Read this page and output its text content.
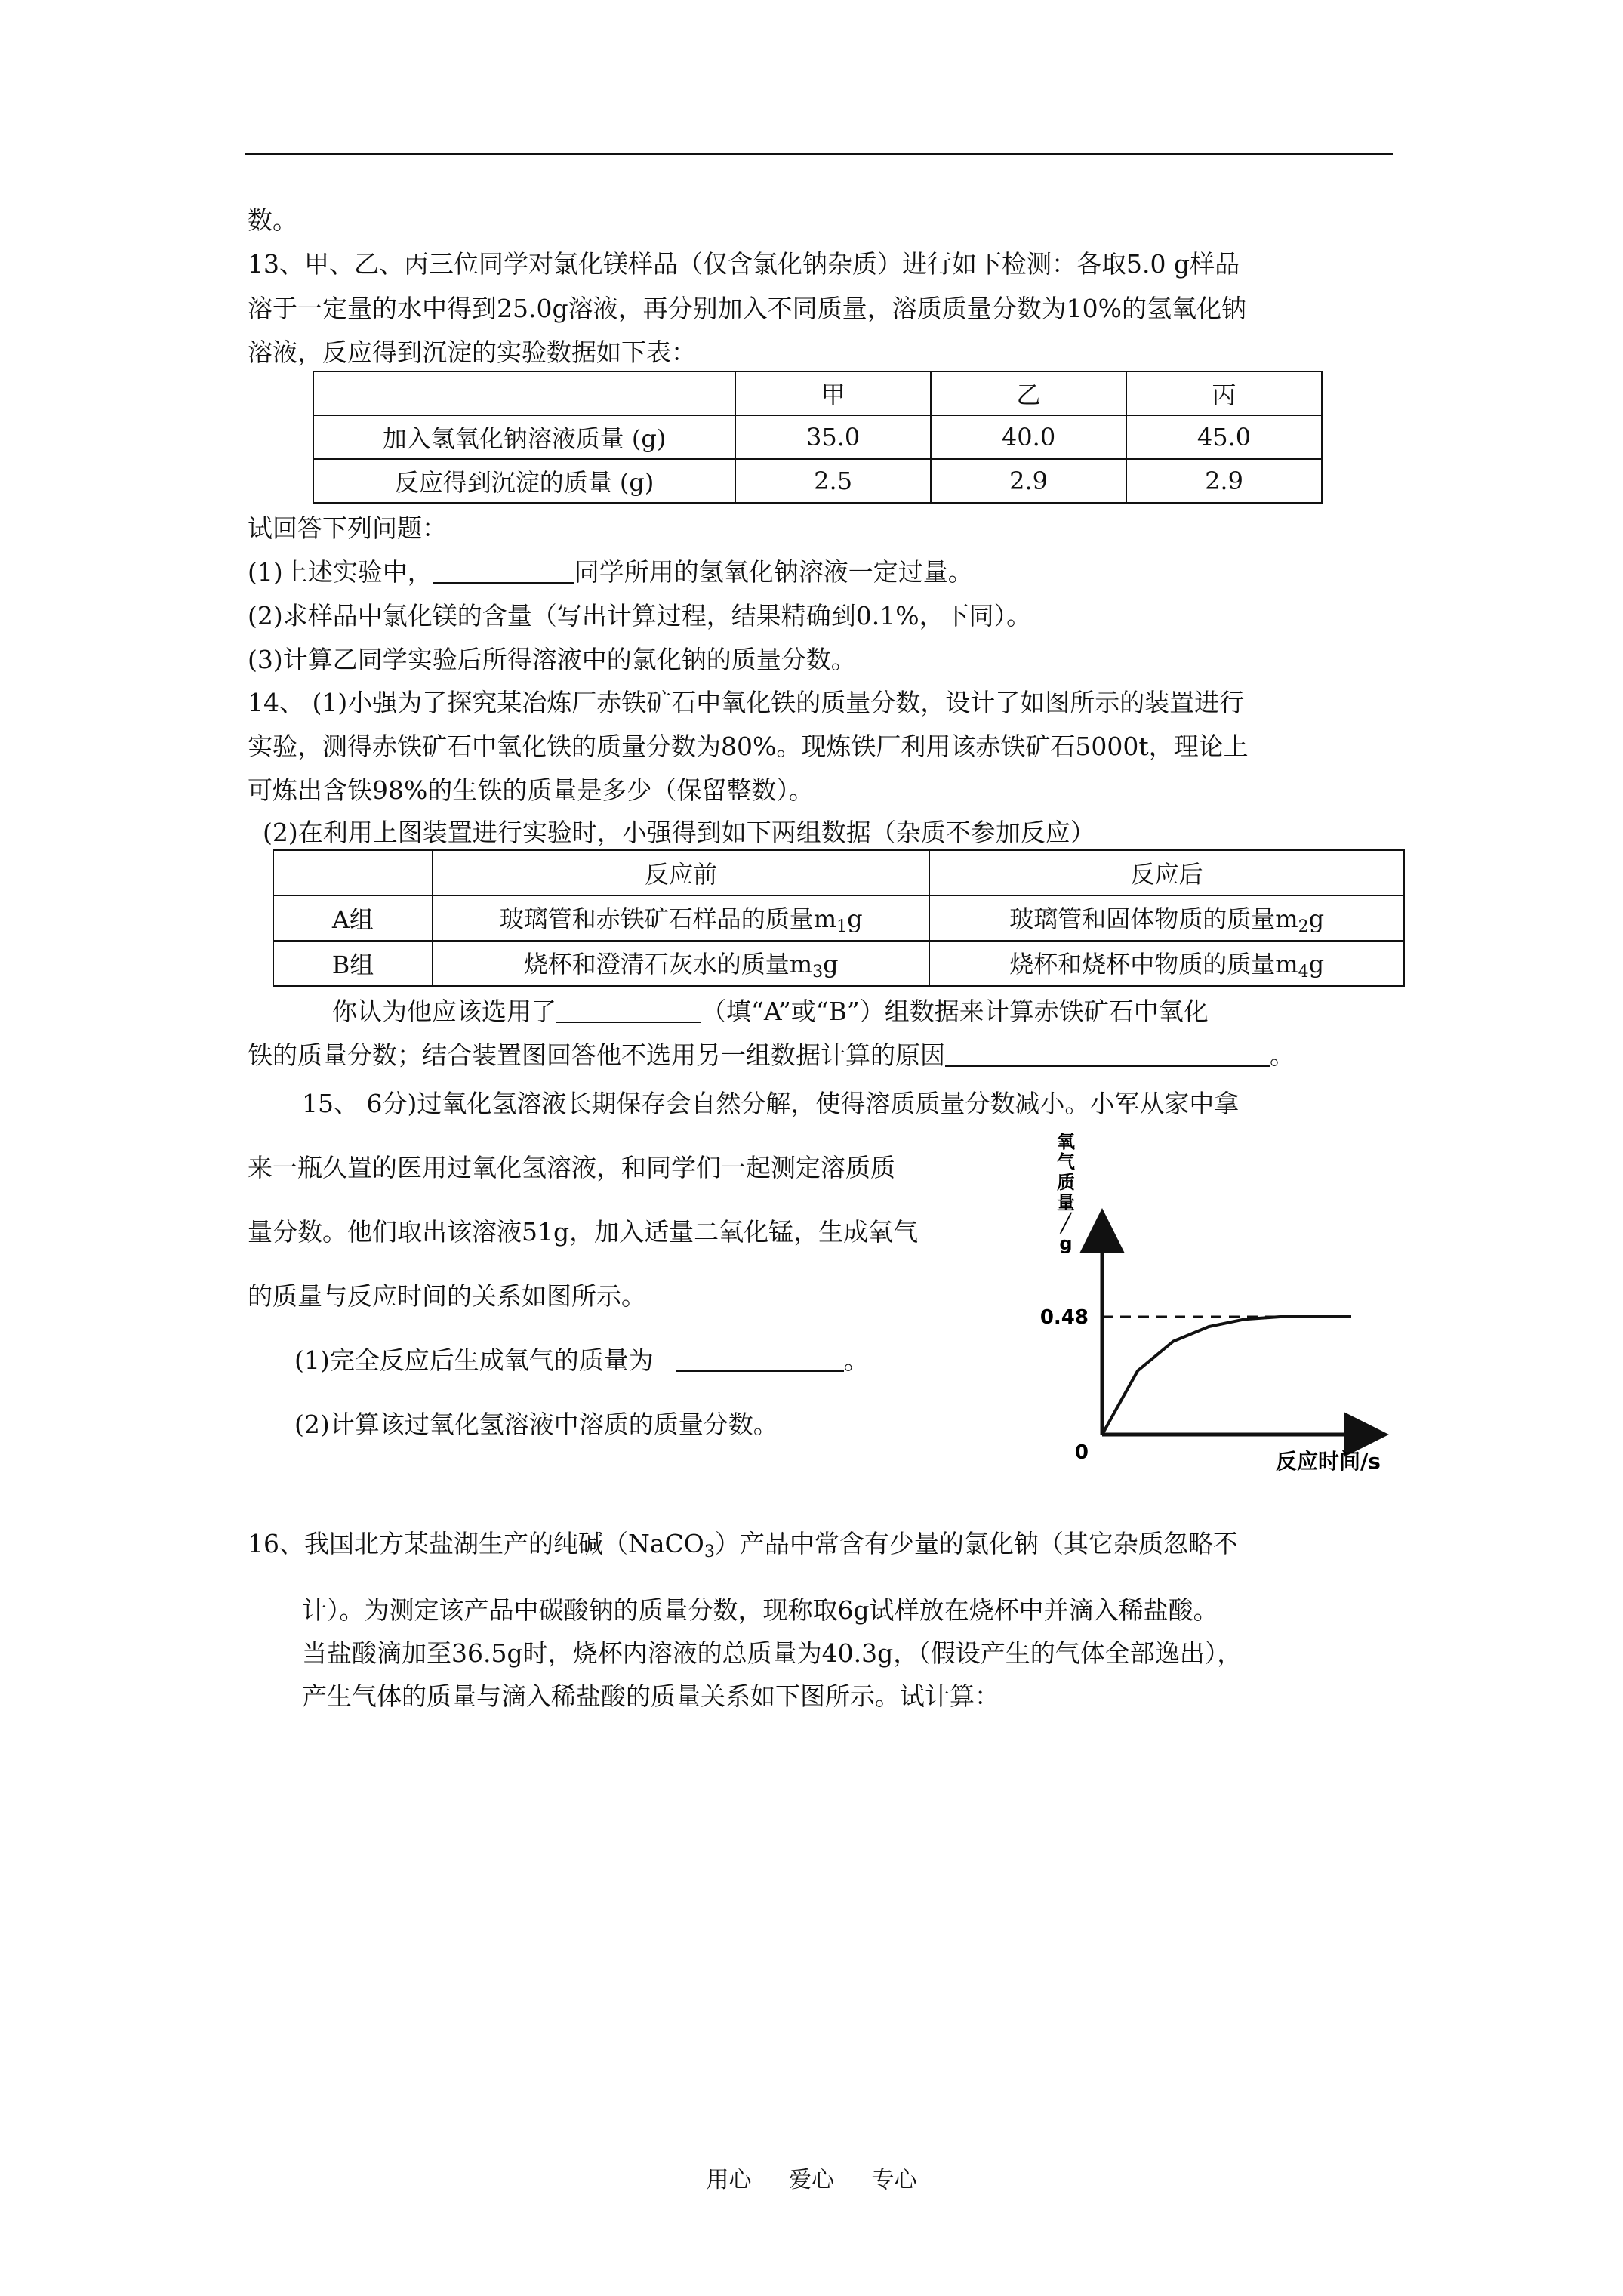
数。
13、甲、乙、丙三位同学对氯化镁样品（仅含氯化钠杂质）进行如下检测：各取5.0 g样品
溶于一定量的水中得到25.0g溶液，再分别加入不同质量，溶质质量分数为10%的氢氧化钠
溶液，反应得到沉淀的实验数据如下表：
	甲	乙	丙
加入氢氧化钠溶液质量 (g)	35.0	40.0	45.0
反应得到沉淀的质量 (g)	2.5	2.9	2.9
试回答下列问题：
(1)上述实验中，	同学所用的氢氧化钠溶液一定过量。
(2)求样品中氯化镁的含量（写出计算过程，结果精确到0.1%，下同）。
(3)计算乙同学实验后所得溶液中的氯化钠的质量分数。
14、 (1)小强为了探究某冶炼厂赤铁矿石中氧化铁的质量分数，设计了如图所示的装置进行
实验，测得赤铁矿石中氧化铁的质量分数为80%。现炼铁厂利用该赤铁矿石5000t，理论上
可炼出含铁98%的生铁的质量是多少（保留整数）。
(2)在利用上图装置进行实验时，小强得到如下两组数据（杂质不参加反应）
	反应前	反应后
A组	玻璃管和赤铁矿石样品的质量$m_1g$	玻璃管和固体物质的质量$m_2g$
B组	烧杯和澄清石灰水的质量$m_3g$	烧杯和烧杯中物质的质量$m_4g$
你认为他应该选用了	（填“A”或“B”）组数据来计算赤铁矿石中氧化
铁的质量分数；结合装置图回答他不选用另一组数据计算的原因	。
15、 6分)过氧化氢溶液长期保存会自然分解，使得溶质质量分数减小。小军从家中拿
来一瓶久置的医用过氧化氢溶液，和同学们一起测定溶质质
量分数。他们取出该溶液51g，加入适量二氧化锰，生成氧气
的质量与反应时间的关系如图所示。
(1)完全反应后生成氧气的质量为	。
(2)计算该过氧化氢溶液中溶质的质量分数。
氧
气
质
量
╱
g
0.48
0	反应时间/s
16、我国北方某盐湖生产的纯碱（NaCO$_3$）产品中常含有少量的氯化钠（其它杂质忽略不
计）。为测定该产品中碳酸钠的质量分数，现称取6g试样放在烧杯中并滴入稀盐酸。
当盐酸滴加至36.5g时，烧杯内溶液的总质量为40.3g，（假设产生的气体全部逸出），
产生气体的质量与滴入稀盐酸的质量关系如下图所示。试计算：
用心 爱心 专心
